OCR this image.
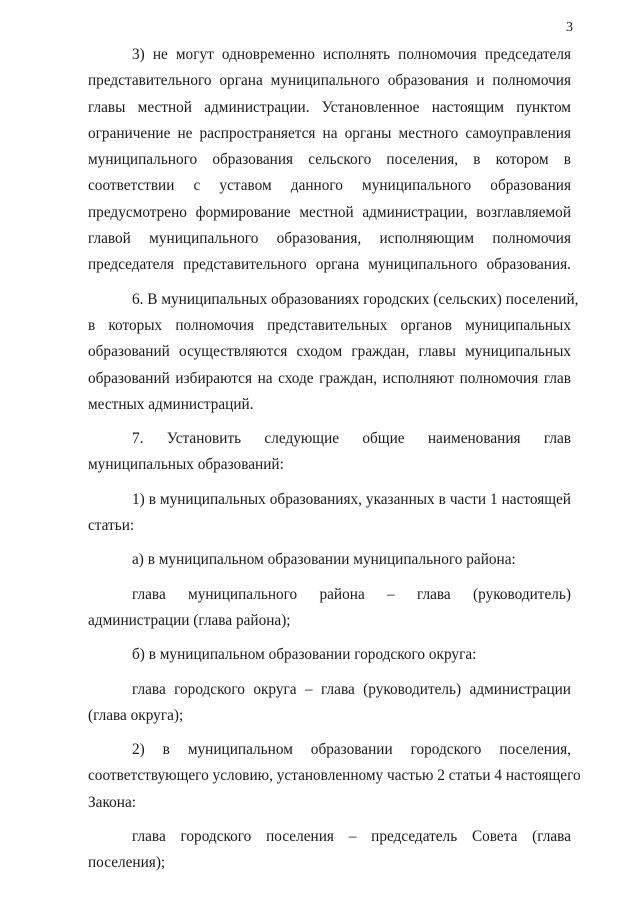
3
3) не могут одновременно исполнять полномочия председателя
представительного органа муниципального образования и полномочия
главы местной администрации. Установленное настоящим пунктом
ограничение не распространяется на органы местного самоуправления
муниципального образования сельского поселения, в котором в
соответствии с уставом данного муниципального образования
предусмотрено формирование местной администрации, возглавляемой
главой муниципального образования, исполняющим полномочия
председателя представительного органа муниципального образования.
6. В муниципальных образованиях городских (сельских) поселений,
в которых полномочия представительных органов муниципальных
образований осуществляются сходом граждан, главы муниципальных
образований избираются на сходе граждан, исполняют полномочия глав
местных администраций.
7. Установить следующие общие наименования глав
муниципальных образований:
1) в муниципальных образованиях, указанных в части 1 настоящей
статьи:
а) в муниципальном образовании муниципального района:
глава муниципального района – глава (руководитель)
администрации (глава района);
б) в муниципальном образовании городского округа:
глава городского округа – глава (руководитель) администрации
(глава округа);
2) в муниципальном образовании городского поселения,
соответствующего условию, установленному частью 2 статьи 4 настоящего
Закона:
глава городского поселения – председатель Совета (глава
поселения);
